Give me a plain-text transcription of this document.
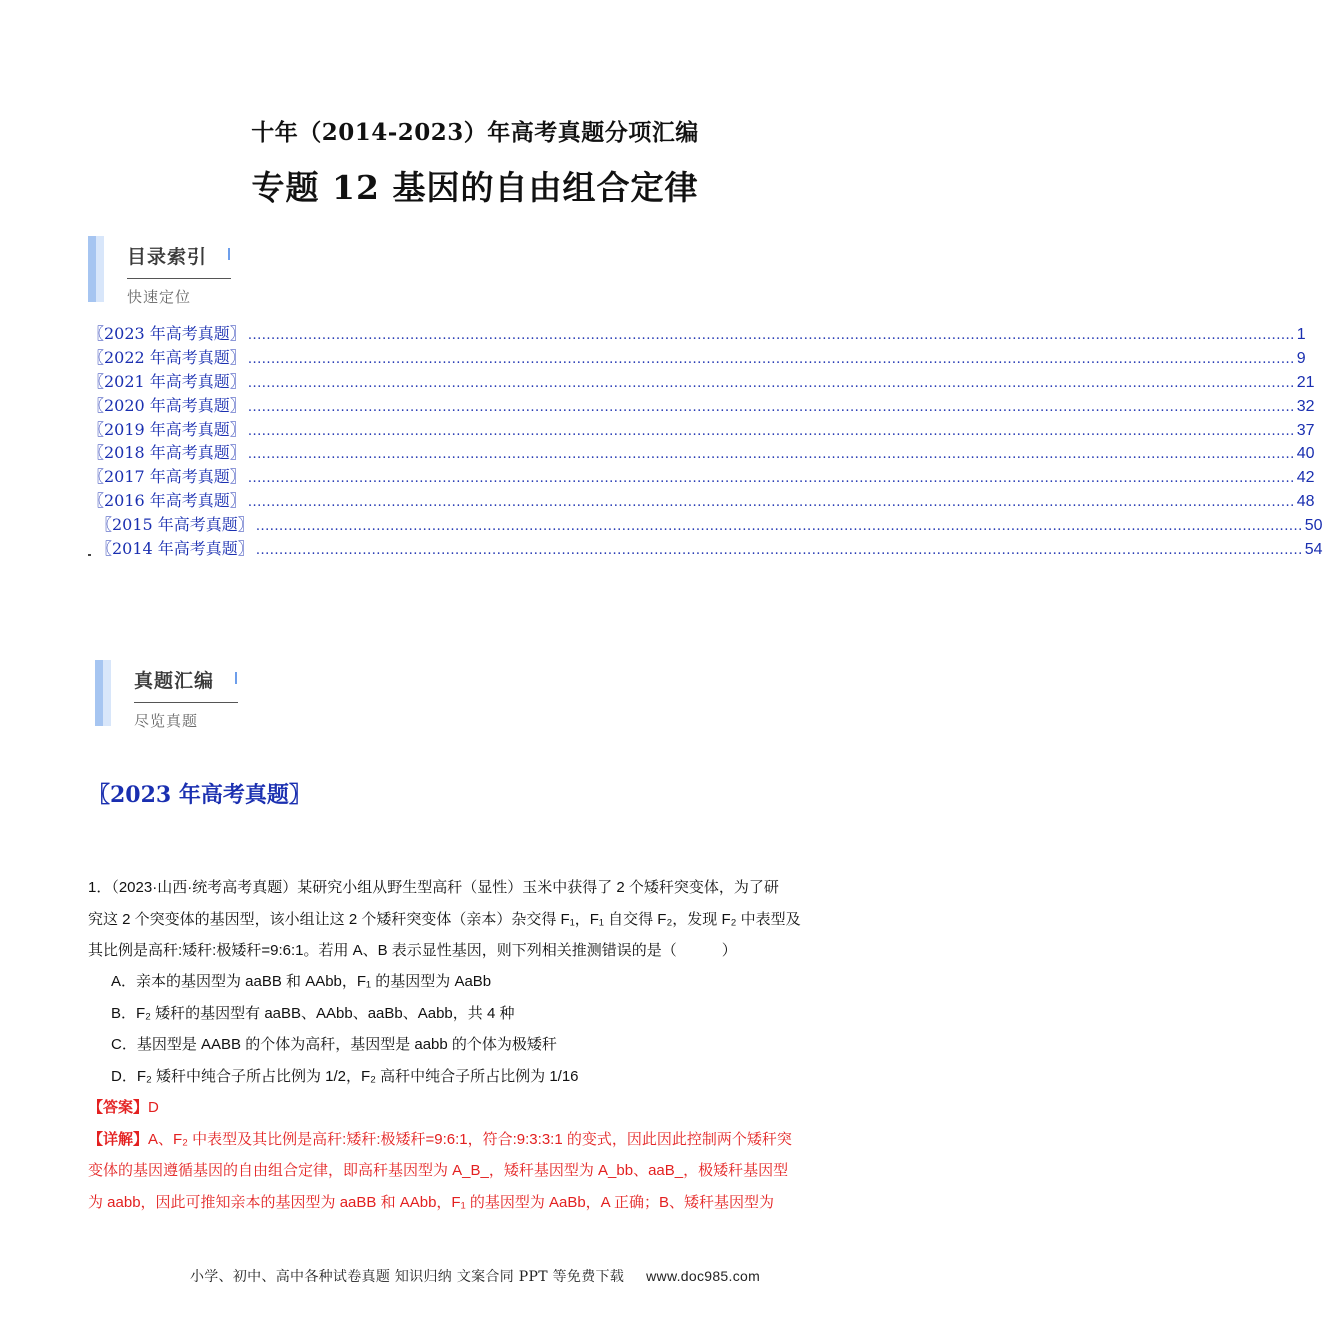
十年（2014-2023）年高考真题分项汇编
专题 12 基因的自由组合定律
目录索引
快速定位
〖2023 年高考真题〗 .................................................................................................................................................................................................................................. 1
〖2022 年高考真题〗 .................................................................................................................................................................................................................................. 9
〖2021 年高考真题〗 .................................................................................................................................................................................................................................. 21
〖2020 年高考真题〗 .................................................................................................................................................................................................................................. 32
〖2019 年高考真题〗 .................................................................................................................................................................................................................................. 37
〖2018 年高考真题〗 .................................................................................................................................................................................................................................. 40
〖2017 年高考真题〗 .................................................................................................................................................................................................................................. 42
〖2016 年高考真题〗 .................................................................................................................................................................................................................................. 48
〖2015 年高考真题〗 .................................................................................................................................................................................................................................. 50
〖2014 年高考真题〗 .................................................................................................................................................................................................................................. 54
真题汇编
尽览真题
〖2023 年高考真题〗
1．（2023·山西·统考高考真题）某研究小组从野生型高秆（显性）玉米中获得了 2 个矮秆突变体，为了研
究这 2 个突变体的基因型，该小组让这 2 个矮秆突变体（亲本）杂交得 F₁，F₁ 自交得 F₂，发现 F₂ 中表型及
其比例是高秆:矮秆:极矮秆=9:6:1。若用 A、B 表示显性基因，则下列相关推测错误的是（　　　）
A．亲本的基因型为 aaBB 和 AAbb，F₁ 的基因型为 AaBb
B．F₂ 矮秆的基因型有 aaBB、AAbb、aaBb、Aabb，共 4 种
C．基因型是 AABB 的个体为高秆，基因型是 aabb 的个体为极矮秆
D．F₂ 矮秆中纯合子所占比例为 1/2，F₂ 高秆中纯合子所占比例为 1/16
【答案】D
【详解】A、F₂ 中表型及其比例是高秆:矮秆:极矮秆=9:6:1，符合:9:3:3:1 的变式，因此因此控制两个矮秆突
变体的基因遵循基因的自由组合定律，即高秆基因型为 A_B_，矮秆基因型为 A_bb、aaB_，极矮秆基因型
为 aabb，因此可推知亲本的基因型为 aaBB 和 AAbb，F₁ 的基因型为 AaBb，A 正确；B、矮秆基因型为
小学、初中、高中各种试卷真题 知识归纳 文案合同 PPT 等免费下载 www.doc985.com
